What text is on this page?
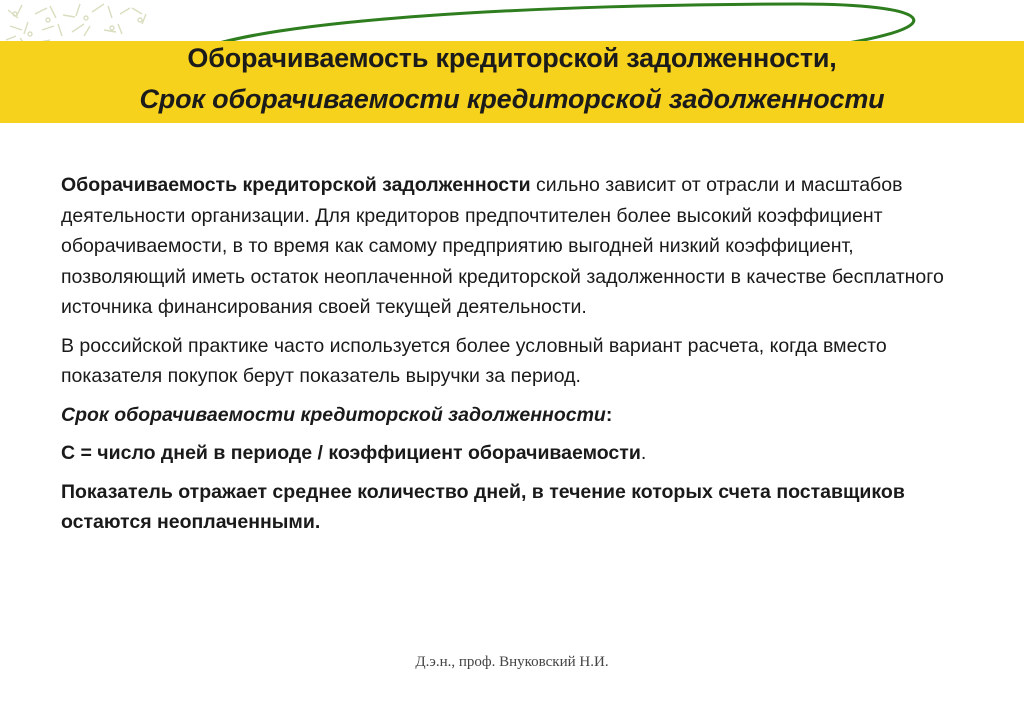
Оборачиваемость кредиторской задолженности,
Срок оборачиваемости кредиторской задолженности

Оборачиваемость кредиторской задолженности сильно зависит от отрасли и масштабов деятельности организации. Для кредиторов предпочтителен более высокий коэффициент оборачиваемости, в то время как самому предприятию выгодней низкий коэффициент, позволяющий иметь остаток неоплаченной кредиторской задолженности в качестве бесплатного источника финансирования своей текущей деятельности.

В российской практике часто используется более условный вариант расчета, когда вместо показателя покупок берут показатель выручки за период.

Срок оборачиваемости кредиторской задолженности:

С = число дней в периоде / коэффициент оборачиваемости.

Показатель отражает среднее количество дней, в течение которых счета поставщиков остаются неоплаченными.

Д.э.н., проф. Внуковский Н.И.
